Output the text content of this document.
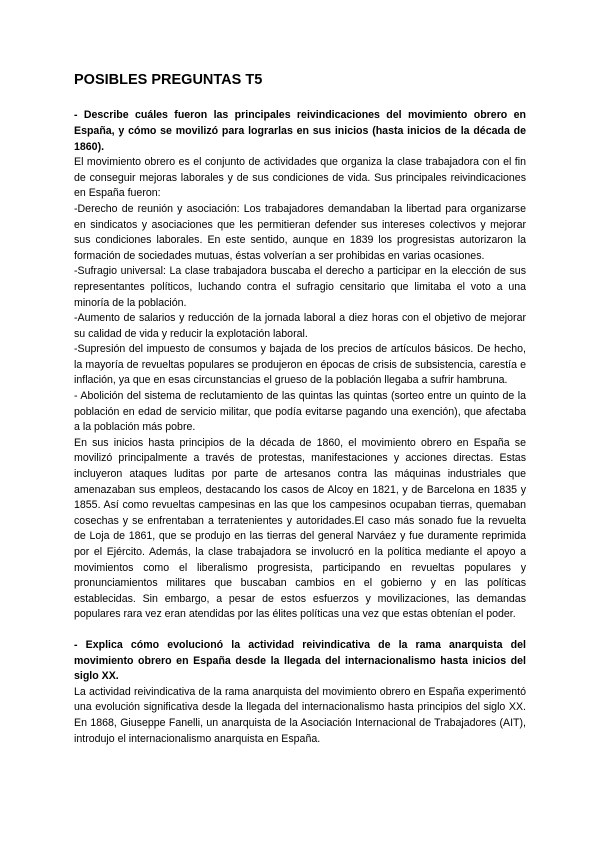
POSIBLES PREGUNTAS T5

- Describe cuáles fueron las principales reivindicaciones del movimiento obrero en España, y cómo se movilizó para lograrlas en sus inicios (hasta inicios de la década de 1860).

El movimiento obrero es el conjunto de actividades que organiza la clase trabajadora con el fin de conseguir mejoras laborales y de sus condiciones de vida. Sus principales reivindicaciones en España fueron:

-Derecho de reunión y asociación: Los trabajadores demandaban la libertad para organizarse en sindicatos y asociaciones que les permitieran defender sus intereses colectivos y mejorar sus condiciones laborales. En este sentido, aunque en 1839 los progresistas autorizaron la formación de sociedades mutuas, éstas volverían a ser prohibidas en varias ocasiones.

-Sufragio universal: La clase trabajadora buscaba el derecho a participar en la elección de sus representantes políticos, luchando contra el sufragio censitario que limitaba el voto a una minoría de la población.

-Aumento de salarios y reducción de la jornada laboral a diez horas con el objetivo de mejorar su calidad de vida y reducir la explotación laboral.

-Supresión del impuesto de consumos y bajada de los precios de artículos básicos. De hecho, la mayoría de revueltas populares se produjeron en épocas de crisis de subsistencia, carestía e inflación, ya que en esas circunstancias el grueso de la población llegaba a sufrir hambruna.

- Abolición del sistema de reclutamiento de las quintas las quintas (sorteo entre un quinto de la población en edad de servicio militar, que podía evitarse pagando una exención), que afectaba a la población más pobre.

En sus inicios hasta principios de la década de 1860, el movimiento obrero en España se movilizó principalmente a través de protestas, manifestaciones y acciones directas. Estas incluyeron ataques luditas por parte de artesanos contra las máquinas industriales que amenazaban sus empleos, destacando los casos de Alcoy en 1821, y de Barcelona en 1835 y 1855. Así como revueltas campesinas en las que los campesinos ocupaban tierras, quemaban cosechas y se enfrentaban a terratenientes y autoridades.El caso más sonado fue la revuelta de Loja de 1861, que se produjo en las tierras del general Narváez y fue duramente reprimida por el Ejército. Además, la clase trabajadora se involucró en la política mediante el apoyo a movimientos como el liberalismo progresista, participando en revueltas populares y pronunciamientos militares que buscaban cambios en el gobierno y en las políticas establecidas. Sin embargo, a pesar de estos esfuerzos y movilizaciones, las demandas populares rara vez eran atendidas por las élites políticas una vez que estas obtenían el poder.

- Explica cómo evolucionó la actividad reivindicativa de la rama anarquista del movimiento obrero en España desde la llegada del internacionalismo hasta inicios del siglo XX.

La actividad reivindicativa de la rama anarquista del movimiento obrero en España experimentó una evolución significativa desde la llegada del internacionalismo hasta principios del siglo XX. En 1868, Giuseppe Fanelli, un anarquista de la Asociación Internacional de Trabajadores (AIT), introdujo el internacionalismo anarquista en España.
